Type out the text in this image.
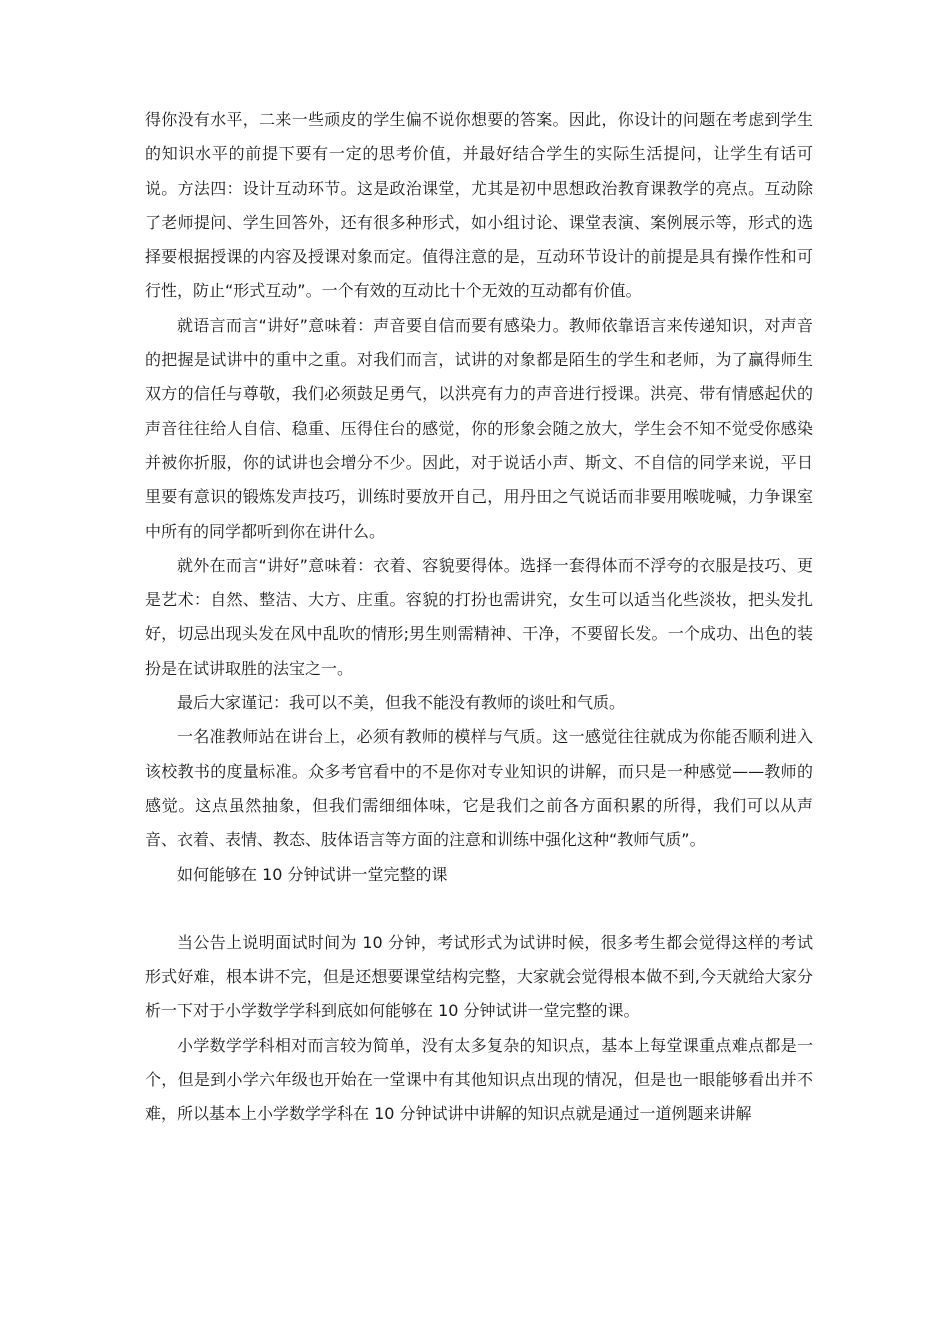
得你没有水平，二来一些顽皮的学生偏不说你想要的答案。因此，你设计的问题在考虑到学生的知识水平的前提下要有一定的思考价值，并最好结合学生的实际生活提问，让学生有话可说。方法四：设计互动环节。这是政治课堂，尤其是初中思想政治教育课教学的亮点。互动除了老师提问、学生回答外，还有很多种形式，如小组讨论、课堂表演、案例展示等，形式的选择要根据授课的内容及授课对象而定。值得注意的是，互动环节设计的前提是具有操作性和可行性，防止“形式互动”。一个有效的互动比十个无效的互动都有价值。

就语言而言“讲好”意味着：声音要自信而要有感染力。教师依靠语言来传递知识，对声音的把握是试讲中的重中之重。对我们而言，试讲的对象都是陌生的学生和老师，为了赢得师生双方的信任与尊敬，我们必须鼓足勇气，以洪亮有力的声音进行授课。洪亮、带有情感起伏的声音往往给人自信、稳重、压得住台的感觉，你的形象会随之放大，学生会不知不觉受你感染并被你折服，你的试讲也会增分不少。因此，对于说话小声、斯文、不自信的同学来说，平日里要有意识的锻炼发声技巧，训练时要放开自己，用丹田之气说话而非要用喉咙喊，力争课室中所有的同学都听到你在讲什么。

就外在而言“讲好”意味着：衣着、容貌要得体。选择一套得体而不浮夸的衣服是技巧、更是艺术：自然、整洁、大方、庄重。容貌的打扮也需讲究，女生可以适当化些淡妆，把头发扎好，切忌出现头发在风中乱吹的情形;男生则需精神、干净，不要留长发。一个成功、出色的装扮是在试讲取胜的法宝之一。

最后大家谨记：我可以不美，但我不能没有教师的谈吐和气质。

一名准教师站在讲台上，必须有教师的模样与气质。这一感觉往往就成为你能否顺利进入该校教书的度量标准。众多考官看中的不是你对专业知识的讲解，而只是一种感觉——教师的感觉。这点虽然抽象，但我们需细细体味，它是我们之前各方面积累的所得，我们可以从声音、衣着、表情、教态、肢体语言等方面的注意和训练中强化这种“教师气质”。

如何能够在 10 分钟试讲一堂完整的课

当公告上说明面试时间为 10 分钟，考试形式为试讲时候，很多考生都会觉得这样的考试形式好难，根本讲不完，但是还想要课堂结构完整，大家就会觉得根本做不到,今天就给大家分析一下对于小学数学学科到底如何能够在 10 分钟试讲一堂完整的课。

小学数学学科相对而言较为简单，没有太多复杂的知识点，基本上每堂课重点难点都是一个，但是到小学六年级也开始在一堂课中有其他知识点出现的情况，但是也一眼能够看出并不难，所以基本上小学数学学科在 10 分钟试讲中讲解的知识点就是通过一道例题来讲解
